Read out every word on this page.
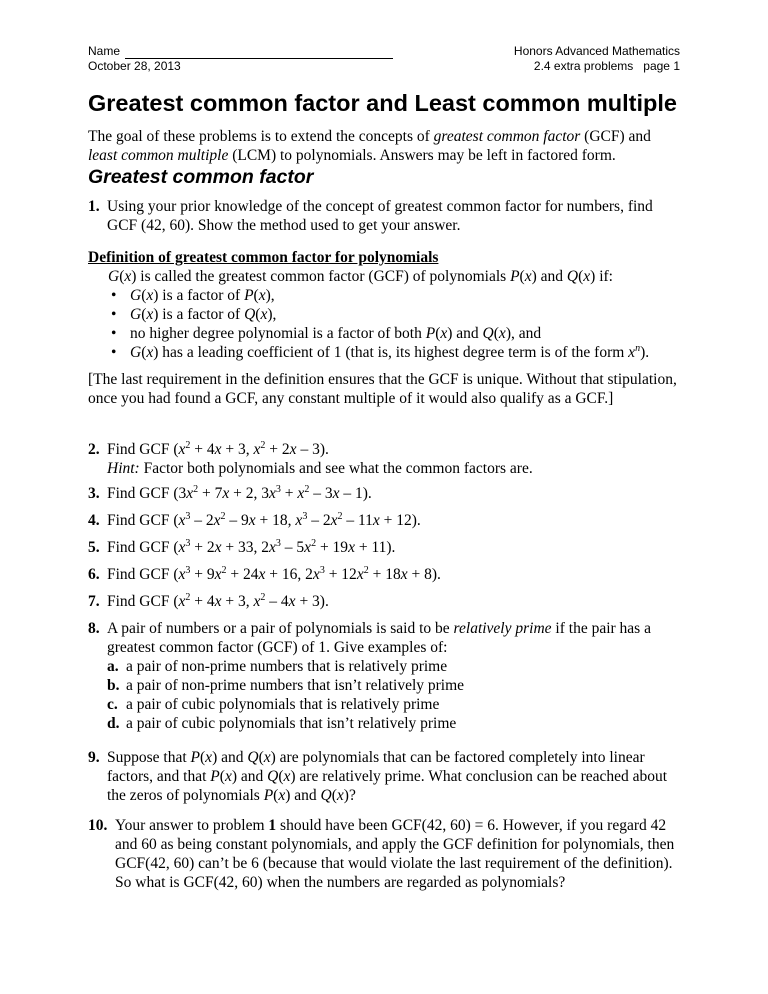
Name
October 28, 2013
Honors Advanced Mathematics
2.4 extra problems   page 1
Greatest common factor and Least common multiple
The goal of these problems is to extend the concepts of greatest common factor (GCF) and least common multiple (LCM) to polynomials. Answers may be left in factored form.
Greatest common factor
1. Using your prior knowledge of the concept of greatest common factor for numbers, find GCF (42, 60). Show the method used to get your answer.
Definition of greatest common factor for polynomials
G(x) is called the greatest common factor (GCF) of polynomials P(x) and Q(x) if:
• G(x) is a factor of P(x),
• G(x) is a factor of Q(x),
• no higher degree polynomial is a factor of both P(x) and Q(x), and
• G(x) has a leading coefficient of 1 (that is, its highest degree term is of the form $x^n$).
[The last requirement in the definition ensures that the GCF is unique. Without that stipulation, once you had found a GCF, any constant multiple of it would also qualify as a GCF.]
2. Find GCF ($x^2 + 4x + 3$, $x^2 + 2x - 3$).
Hint: Factor both polynomials and see what the common factors are.
3. Find GCF ($3x^2 + 7x + 2$, $3x^3 + x^2 - 3x - 1$).
4. Find GCF ($x^3 - 2x^2 - 9x + 18$, $x^3 - 2x^2 - 11x + 12$).
5. Find GCF ($x^3 + 2x + 33$, $2x^3 - 5x^2 + 19x + 11$).
6. Find GCF ($x^3 + 9x^2 + 24x + 16$, $2x^3 + 12x^2 + 18x + 8$).
7. Find GCF ($x^2 + 4x + 3$, $x^2 - 4x + 3$).
8. A pair of numbers or a pair of polynomials is said to be relatively prime if the pair has a greatest common factor (GCF) of 1. Give examples of:
a. a pair of non-prime numbers that is relatively prime
b. a pair of non-prime numbers that isn’t relatively prime
c. a pair of cubic polynomials that is relatively prime
d. a pair of cubic polynomials that isn’t relatively prime
9. Suppose that P(x) and Q(x) are polynomials that can be factored completely into linear factors, and that P(x) and Q(x) are relatively prime. What conclusion can be reached about the zeros of polynomials P(x) and Q(x)?
10. Your answer to problem 1 should have been GCF(42, 60) = 6. However, if you regard 42 and 60 as being constant polynomials, and apply the GCF definition for polynomials, then GCF(42, 60) can’t be 6 (because that would violate the last requirement of the definition). So what is GCF(42, 60) when the numbers are regarded as polynomials?
